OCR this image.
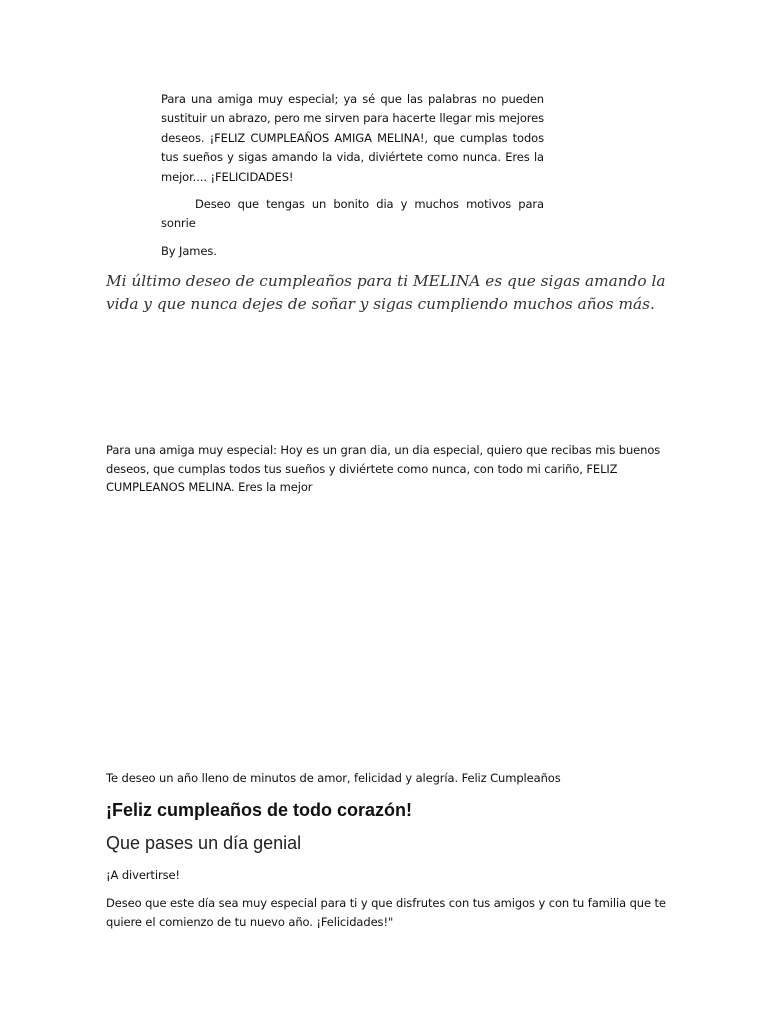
Para una amiga muy especial; ya sé que las palabras no pueden sustituir un abrazo, pero me sirven para hacerte llegar mis mejores deseos. ¡FELIZ CUMPLEAÑOS AMIGA MELINA!, que cumplas todos tus sueños y sigas amando la vida, diviértete como nunca. Eres la mejor.... ¡FELICIDADES!

Deseo que tengas un bonito dia y muchos motivos para sonrie

By James.

Mi último deseo de cumpleaños para ti MELINA es que sigas amando la vida y que nunca dejes de soñar y sigas cumpliendo muchos años más.

Para una amiga muy especial: Hoy es un gran dia, un dia especial, quiero que recibas mis buenos deseos, que cumplas todos tus sueños y diviértete como nunca, con todo mi cariño, FELIZ CUMPLEANOS MELINA. Eres la mejor

Te deseo un año lleno de minutos de amor, felicidad y alegría. Feliz Cumpleaños

¡Feliz cumpleaños de todo corazón!
Que pases un día genial

¡A divertirse!

Deseo que este día sea muy especial para ti y que disfrutes con tus amigos y con tu familia que te quiere el comienzo de tu nuevo año. ¡Felicidades!"
